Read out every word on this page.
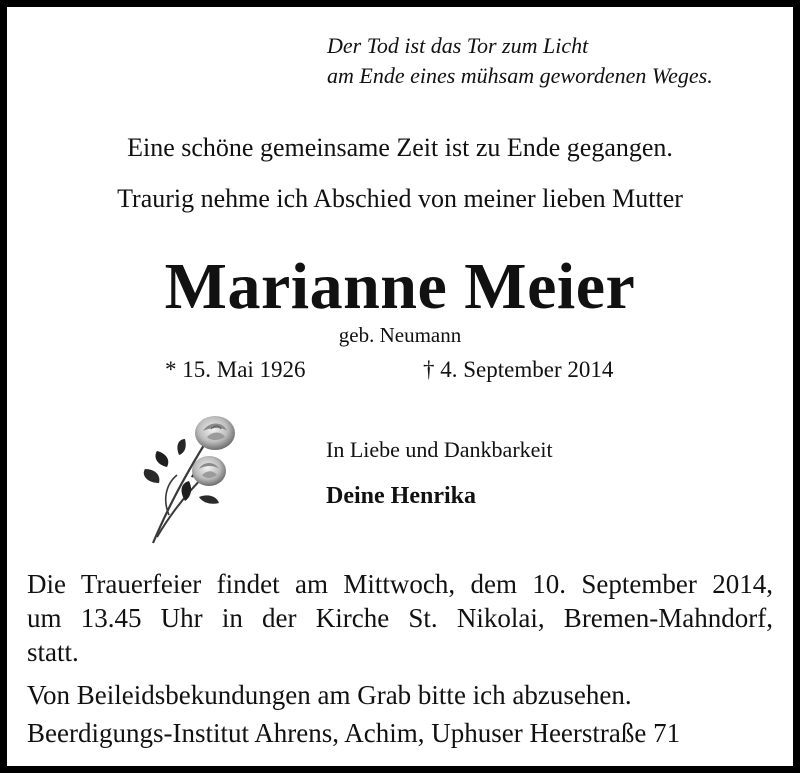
Der Tod ist das Tor zum Licht
am Ende eines mühsam gewordenen Weges.
Eine schöne gemeinsame Zeit ist zu Ende gegangen.
Traurig nehme ich Abschied von meiner lieben Mutter
Marianne Meier
geb. Neumann
* 15. Mai 1926	† 4. September 2014
In Liebe und Dankbarkeit
Deine Henrika
Die Trauerfeier findet am Mittwoch, dem 10. September 2014,
um 13.45 Uhr in der Kirche St. Nikolai, Bremen-Mahndorf,
statt.
Von Beileidsbekundungen am Grab bitte ich abzusehen.
Beerdigungs-Institut Ahrens, Achim, Uphuser Heerstraße 71
